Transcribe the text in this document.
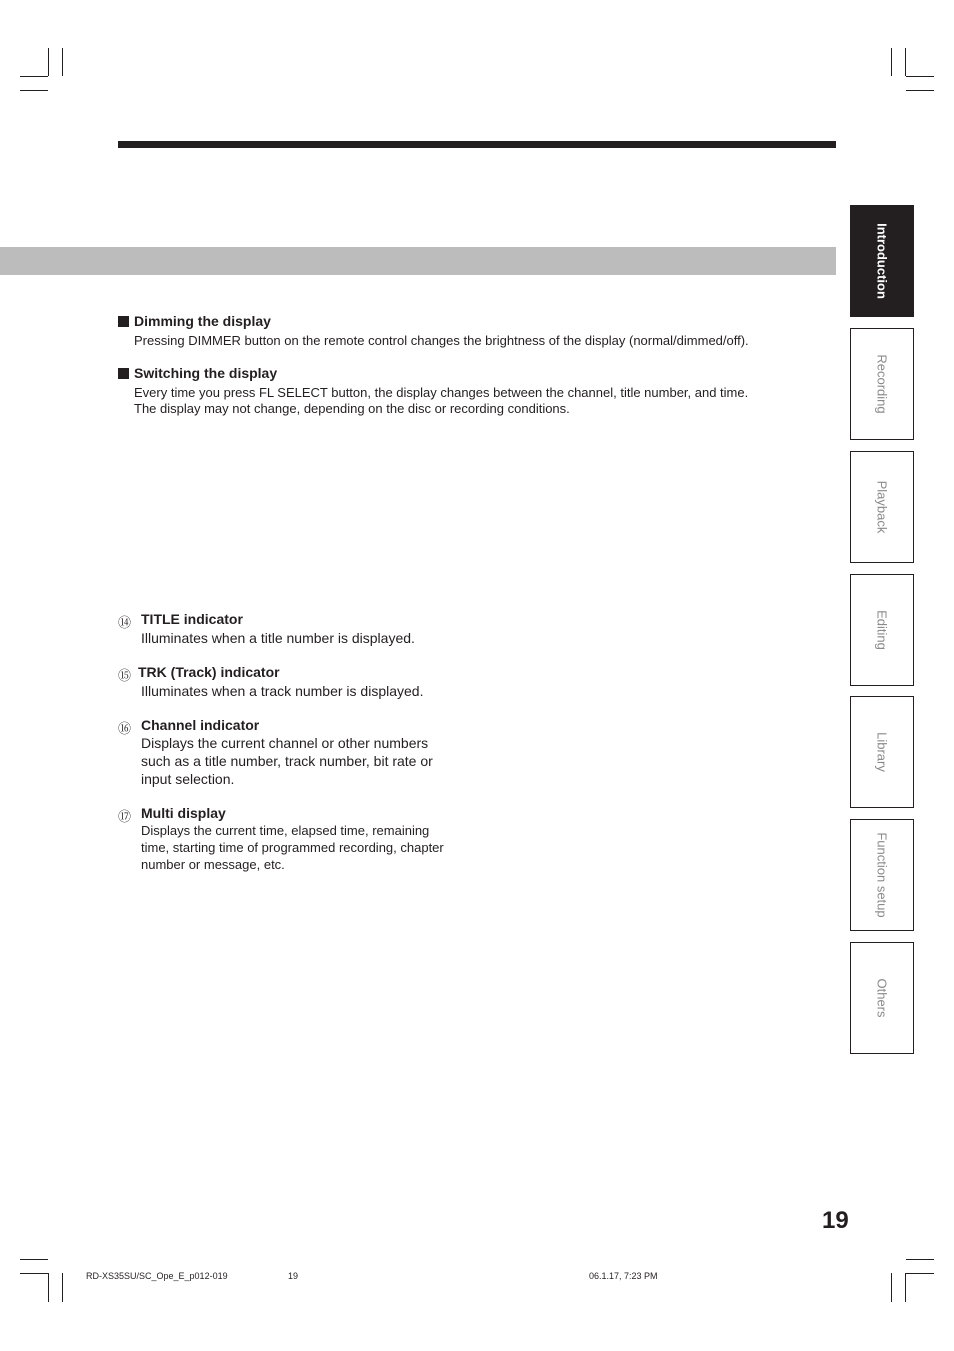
Dimming the display
Pressing DIMMER button on the remote control changes the brightness of the display (normal/dimmed/off).
Switching the display
Every time you press FL SELECT button, the display changes between the channel, title number, and time.
The display may not change, depending on the disc or recording conditions.
⑭ TITLE indicator
Illuminates when a title number is displayed.
⑮ TRK (Track) indicator
Illuminates when a track number is displayed.
⑯ Channel indicator
Displays the current channel or other numbers
such as a title number, track number, bit rate or
input selection.
⑰ Multi display
Displays the current time, elapsed time, remaining
time, starting time of programmed recording, chapter
number or message, etc.
Introduction
Recording
Playback
Editing
Library
Function setup
Others
19
RD-XS35SU/SC_Ope_E_p012-019	19	06.1.17, 7:23 PM
